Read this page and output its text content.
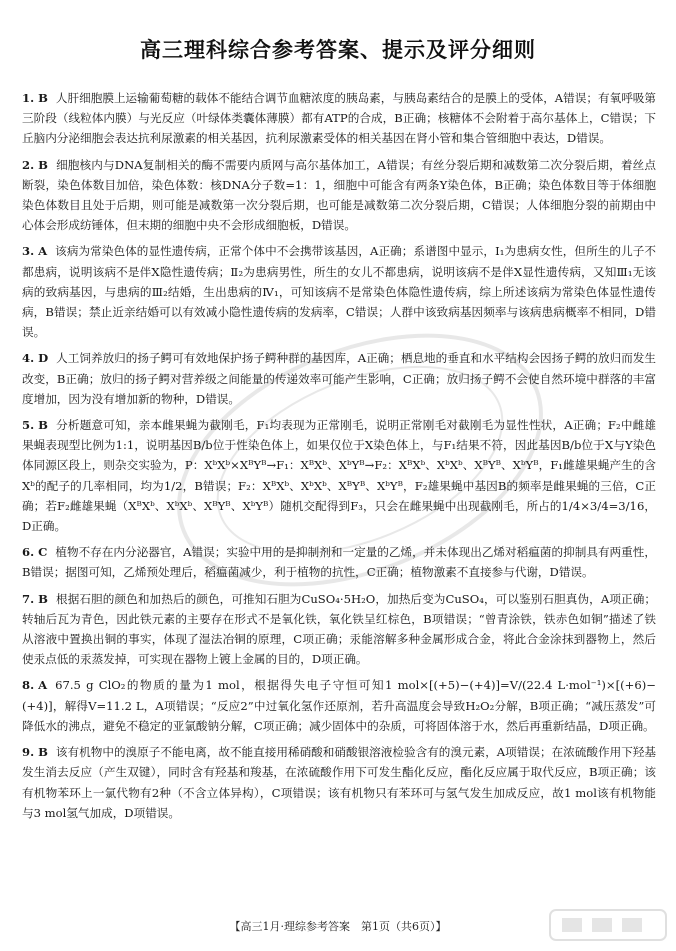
高三理科综合参考答案、提示及评分细则
1. B 人肝细胞膜上运输葡萄糖的载体不能结合调节血糖浓度的胰岛素，与胰岛素结合的是膜上的受体，A错误；有氧呼吸第三阶段（线粒体内膜）与光反应（叶绿体类囊体薄膜）都有ATP的合成，B正确；核糖体不会附着于高尔基体上，C错误；下丘脑内分泌细胞会表达抗利尿激素的相关基因，抗利尿激素受体的相关基因在肾小管和集合管细胞中表达，D错误。
2. B 细胞核内与DNA复制相关的酶不需要内质网与高尔基体加工，A错误；有丝分裂后期和减数第二次分裂后期，着丝点断裂，染色体数目加倍，染色体数：核DNA分子数=1：1，细胞中可能含有两条Y染色体，B正确；染色体数目等于体细胞染色体数目且处于后期，则可能是减数第一次分裂后期，也可能是减数第二次分裂后期，C错误；人体细胞分裂的前期由中心体会形成纺锤体，但末期的细胞中央不会形成细胞板，D错误。
3. A 该病为常染色体的显性遗传病，正常个体中不会携带该基因，A正确；系谱图中显示，Ⅰ₁为患病女性，但所生的儿子不都患病，说明该病不是伴X隐性遗传病；Ⅱ₂为患病男性，所生的女儿不都患病，说明该病不是伴X显性遗传病，又知Ⅲ₁无该病的致病基因，与患病的Ⅲ₂结婚，生出患病的Ⅳ₁，可知该病不是常染色体隐性遗传病，综上所述该病为常染色体显性遗传病，B错误；禁止近亲结婚可以有效减小隐性遗传病的发病率，C错误；人群中该致病基因频率与该病患病概率不相同，D错误。
4. D 人工饲养放归的扬子鳄可有效地保护扬子鳄种群的基因库，A正确；栖息地的垂直和水平结构会因扬子鳄的放归而发生改变，B正确；放归的扬子鳄对营养级之间能量的传递效率可能产生影响，C正确；放归扬子鳄不会使自然环境中群落的丰富度增加，因为没有增加新的物种，D错误。
5. B 分析题意可知，亲本雌果蝇为截刚毛，F₁均表现为正常刚毛，说明正常刚毛对截刚毛为显性性状，A正确；F₂中雌雄果蝇表现型比例为1:1，说明基因B/b位于性染色体上，如果仅位于X染色体上，与F₁结果不符，因此基因B/b位于X与Y染色体同源区段上，则杂交实验为，P：XᵇXᵇ×XᴮYᴮ→F₁：XᴮXᵇ、XᵇYᴮ→F₂：XᴮXᵇ、XᵇXᵇ、XᴮYᴮ、XᵇYᴮ，F₁雌雄果蝇产生的含Xᵇ的配子的几率相同，均为1/2，B错误；F₂：XᴮXᵇ、XᵇXᵇ、XᴮYᴮ、XᵇYᴮ，F₂雄果蝇中基因B的频率是雌果蝇的三倍，C正确；若F₂雌雄果蝇（XᴮXᵇ、XᵇXᵇ、XᴮYᴮ、XᵇYᴮ）随机交配得到F₃，只会在雌果蝇中出现截刚毛，所占的1/4×3/4=3/16，D正确。
6. C 植物不存在内分泌器官，A错误；实验中用的是抑制剂和一定量的乙烯，并未体现出乙烯对稻瘟菌的抑制具有两重性，B错误；据图可知，乙烯预处理后，稻瘟菌减少，利于植物的抗性，C正确；植物激素不直接参与代谢，D错误。
7. B 根据石胆的颜色和加热后的颜色，可推知石胆为CuSO₄·5H₂O，加热后变为CuSO₄，可以鉴别石胆真伪，A项正确；转轴后瓦为青色，因此铁元素的主要存在形式不是氧化铁，氧化铁呈红棕色，B项错误；“曾青涂铁，铁赤色如铜”描述了铁从溶液中置换出铜的事实，体现了湿法冶铜的原理，C项正确；汞能溶解多种金属形成合金，将此合金涂抹到器物上，然后使汞点低的汞蒸发掉，可实现在器物上镀上金属的目的，D项正确。
8. A 67.5 g ClO₂的物质的量为1 mol，根据得失电子守恒可知1 mol×[(+5)−(+4)]=V/(22.4 L·mol⁻¹)×[(+6)−(+4)]，解得V=11.2 L，A项错误；“反应2”中过氧化氢作还原剂，若升高温度会导致H₂O₂分解，B项正确；“减压蒸发”可降低水的沸点，避免不稳定的亚氯酸钠分解，C项正确；减少固体中的杂质，可将固体溶于水，然后再重新结晶，D项正确。
9. B 该有机物中的溴原子不能电离，故不能直接用稀硝酸和硝酸银溶液检验含有的溴元素，A项错误；在浓硫酸作用下羟基发生消去反应（产生双键），同时含有羟基和羧基，在浓硫酸作用下可发生酯化反应，酯化反应属于取代反应，B项正确；该有机物苯环上一氯代物有2种（不含立体异构），C项错误；该有机物只有苯环可与氢气发生加成反应，故1 mol该有机物能与3 mol氢气加成，D项错误。
【高三1月·理综参考答案　第1页（共6页）】
